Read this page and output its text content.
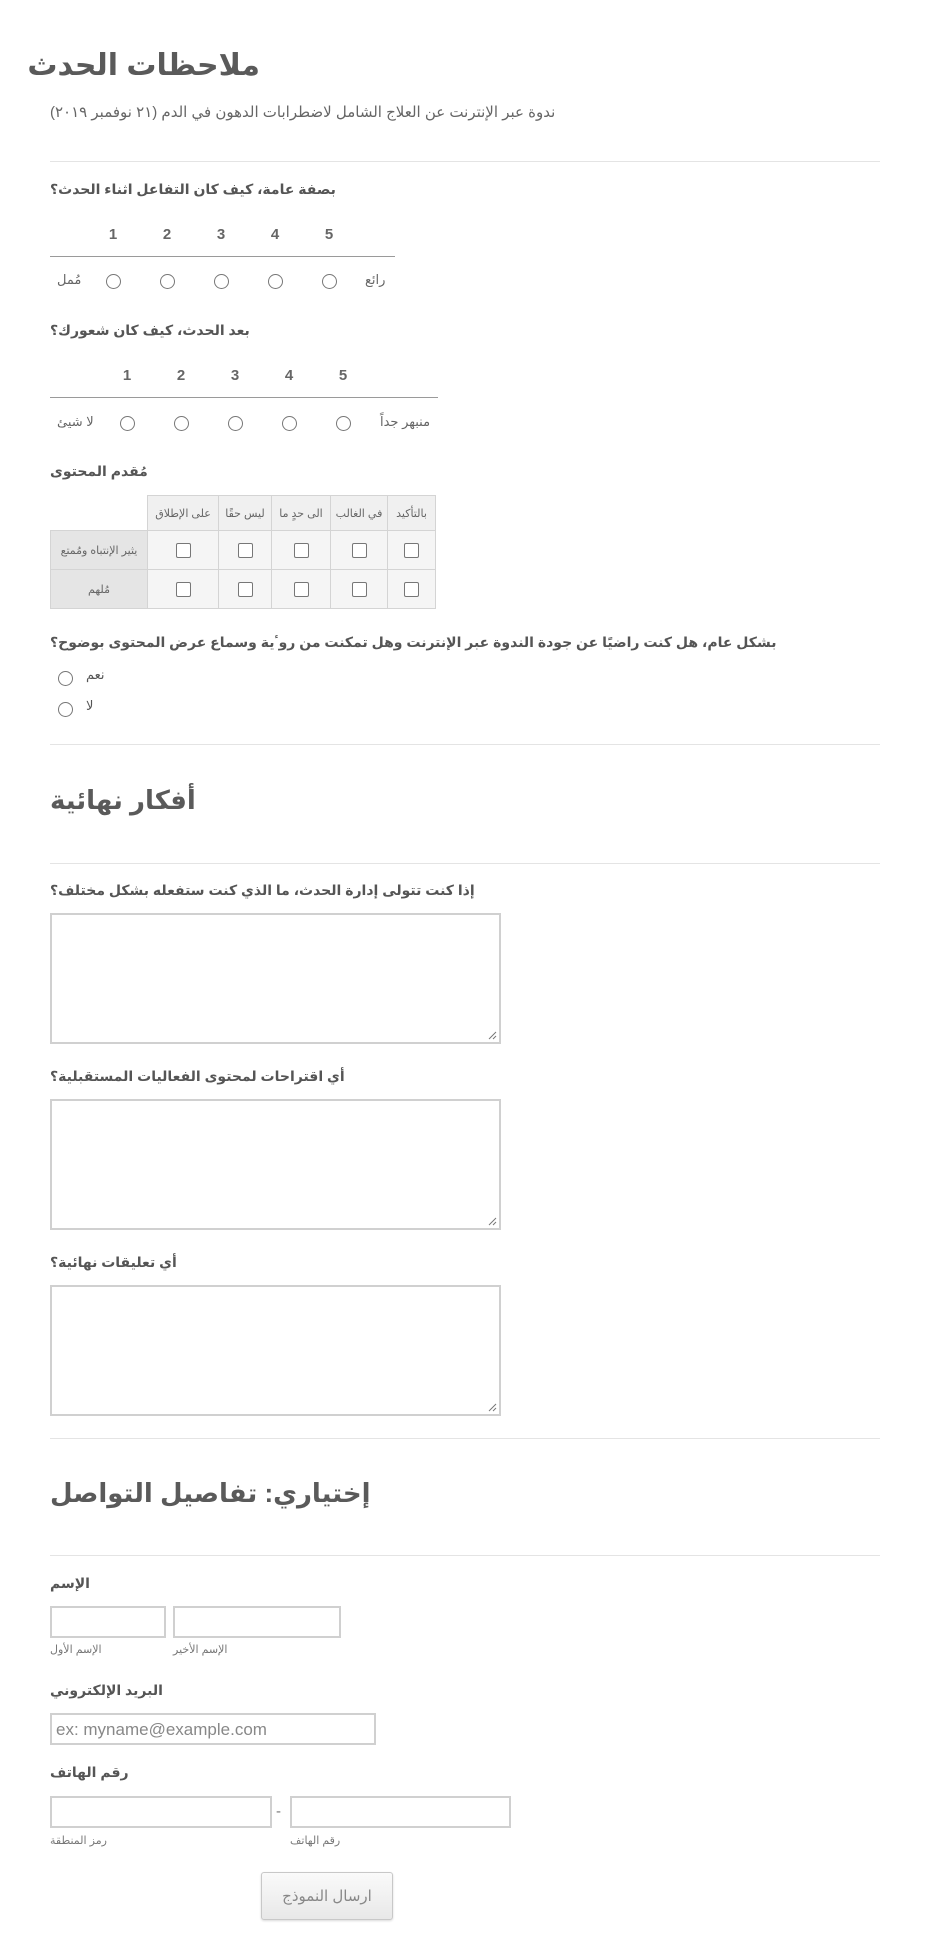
ملاحظات الحدث
ندوة عبر الإنترنت عن العلاج الشامل لاضطرابات الدهون في الدم (٢١ نوفمبر ٢٠١٩)
بصفة عامة، كيف كان التفاعل اثناء الحدث؟
1	2	3	4	5
مُمل	رائع
بعد الحدث، كيف كان شعورك؟
1	2	3	4	5
لا شيئ	منبهر جداً
مُقدم المحتوى
	على الإطلاق	ليس حقًا	الى حدٍ ما	في الغالب	بالتأكيد
يثير الإنتباه ومُمتع					
مُلهم					
بشكل عام، هل كنت راضيًا عن جودة الندوة عبر الإنترنت وهل تمكنت من روٴية وسماع عرض المحتوى بوضوح؟
نعم
لا
أفكار نهائية
إذا كنت تتولى إدارة الحدث، ما الذي كنت ستفعله بشكل مختلف؟
أي اقتراحات لمحتوى الفعاليات المستقبلية؟
أي تعليقات نهائية؟
إختياري: تفاصيل التواصل
الإسم
الإسم الأول	الإسم الأخير
البريد الإلكتروني
ex: myname@example.com
رقم الهاتف
-
رمز المنطقة	رقم الهاتف
ارسال النموذج
